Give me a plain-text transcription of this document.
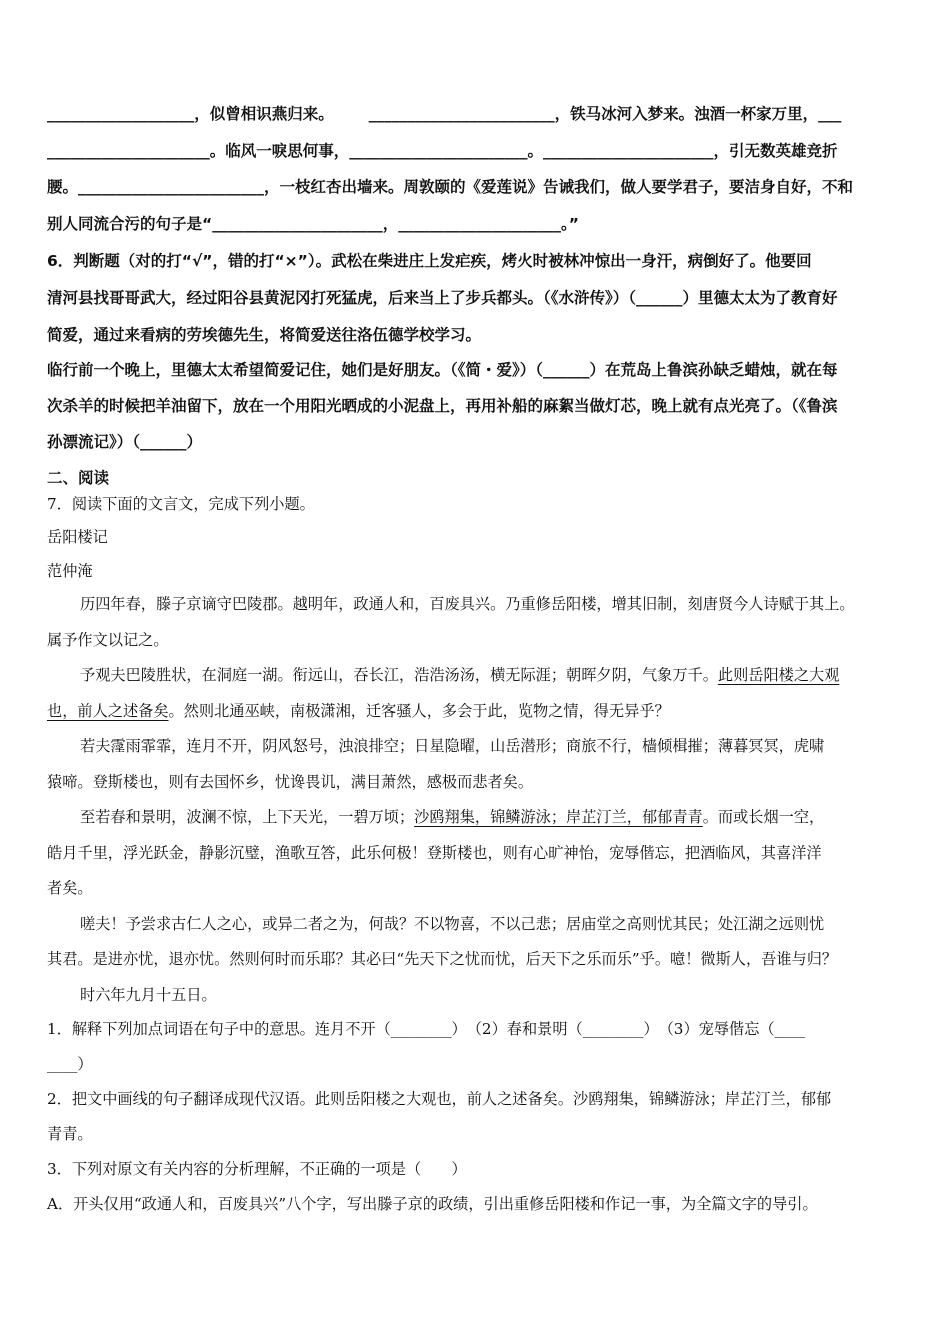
___________________，似曾相识燕归来。 ________________________，铁马冰河入梦来。浊酒一杯家万里，___
_____________________。临风一唳思何事，_______________________。______________________，引无数英雄竞折
腰。________________________，一枝红杏出墙来。周敦颐的《爱莲说》告诫我们，做人要学君子，要洁身自好，不和
别人同流合污的句子是“______________________，_____________________。”
6．判断题（对的打“√”，错的打“×”）。武松在柴进庄上发疟疾，烤火时被林冲惊出一身汗，病倒好了。他要回
清河县找哥哥武大，经过阳谷县黄泥冈打死猛虎，后来当上了步兵都头。（《水浒传》）（______）里德太太为了教育好
简爱，通过来看病的劳埃德先生，将简爱送往洛伍德学校学习。
临行前一个晚上，里德太太希望简爱记住，她们是好朋友。（《简・爱》）（______）在荒岛上鲁滨孙缺乏蜡烛，就在每
次杀羊的时候把羊油留下，放在一个用阳光晒成的小泥盘上，再用补船的麻絮当做灯芯，晚上就有点光亮了。（《鲁滨
孙漂流记》）（______）
二、阅读
7．阅读下面的文言文，完成下列小题。
岳阳楼记
范仲淹
历四年春，滕子京谪守巴陵郡。越明年，政通人和，百废具兴。乃重修岳阳楼，增其旧制，刻唐贤今人诗赋于其上。
属予作文以记之。
予观夫巴陵胜状，在洞庭一湖。衔远山，吞长江，浩浩汤汤，横无际涯；朝晖夕阴，气象万千。此则岳阳楼之大观
也，前人之述备矣。然则北通巫峡，南极潇湘，迁客骚人，多会于此，览物之情，得无异乎？
若夫霪雨霏霏，连月不开，阴风怒号，浊浪排空；日星隐曜，山岳潜形；商旅不行，樯倾楫摧；薄暮冥冥，虎啸
猿啼。登斯楼也，则有去国怀乡，忧谗畏讥，满目萧然，感极而悲者矣。
至若春和景明，波澜不惊，上下天光，一碧万顷；沙鸥翔集，锦鳞游泳；岸芷汀兰，郁郁青青。而或长烟一空，
皓月千里，浮光跃金，静影沉璧，渔歌互答，此乐何极！登斯楼也，则有心旷神怡，宠辱偕忘，把酒临风，其喜洋洋
者矣。
嗟夫！予尝求古仁人之心，或异二者之为，何哉？不以物喜，不以己悲；居庙堂之高则忧其民；处江湖之远则忧
其君。是进亦忧，退亦忧。然则何时而乐耶？其必曰“先天下之忧而忧，后天下之乐而乐”乎。噫！微斯人，吾谁与归？
时六年九月十五日。
1．解释下列加点词语在句子中的意思。连月不开（________）　（2）春和景明（________）　（3）宠辱偕忘（____
____）
2．把文中画线的句子翻译成现代汉语。此则岳阳楼之大观也，前人之述备矣。沙鸥翔集，锦鳞游泳；岸芷汀兰，郁郁
青青。
3．下列对原文有关内容的分析理解，不正确的一项是（　　）
A．开头仅用“政通人和，百废具兴”八个字，写出滕子京的政绩，引出重修岳阳楼和作记一事，为全篇文字的导引。
